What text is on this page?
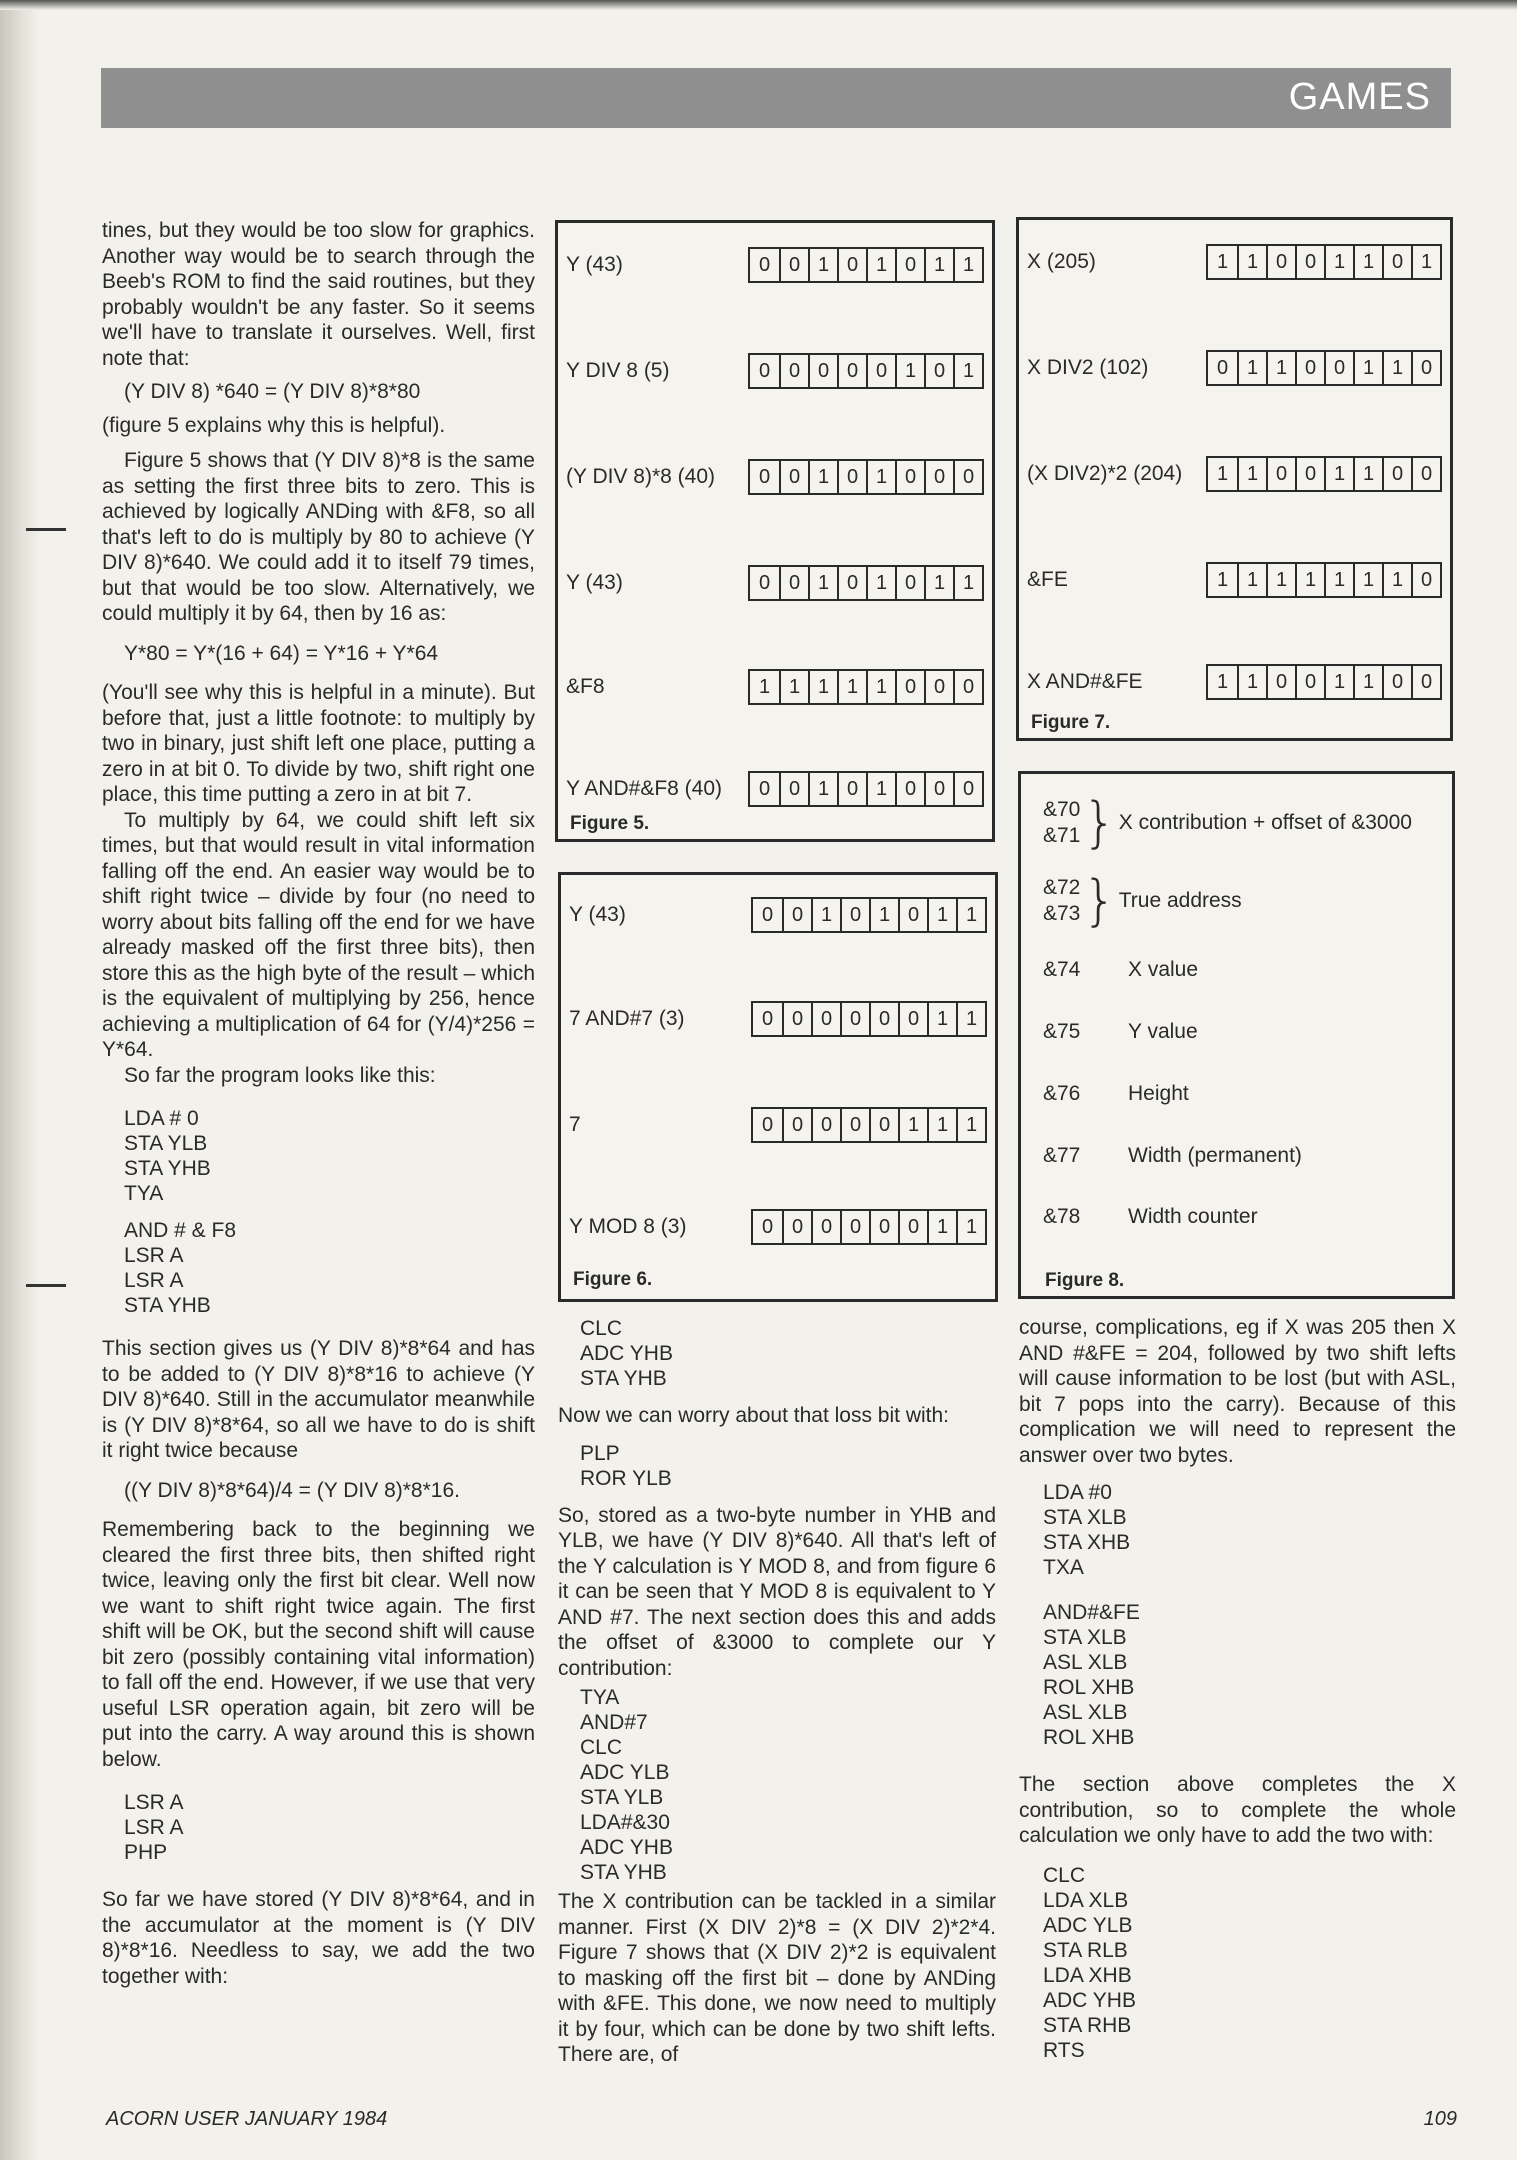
GAMES

tines, but they would be too slow for graphics. Another way would be to search through the Beeb's ROM to find the said routines, but they probably wouldn't be any faster. So it seems we'll have to translate it ourselves. Well, first note that:

(Y DIV 8) *640 = (Y DIV 8)*8*80

(figure 5 explains why this is helpful).

Figure 5 shows that (Y DIV 8)*8 is the same as setting the first three bits to zero. This is achieved by logically ANDing with &F8, so all that's left to do is multiply by 80 to achieve (Y DIV 8)*640. We could add it to itself 79 times, but that would be too slow. Alternatively, we could multiply it by 64, then by 16 as:

Y*80 = Y*(16 + 64) = Y*16 + Y*64

(You'll see why this is helpful in a minute). But before that, just a little footnote: to multiply by two in binary, just shift left one place, putting a zero in at bit 0. To divide by two, shift right one place, this time putting a zero in at bit 7.

To multiply by 64, we could shift left six times, but that would result in vital information falling off the end. An easier way would be to shift right twice – divide by four (no need to worry about bits falling off the end for we have already masked off the first three bits), then store this as the high byte of the result – which is the equivalent of multiplying by 256, hence achieving a multiplication of 64 for (Y/4)*256 = Y*64.

So far the program looks like this:

LDA # 0
STA YLB
STA YHB
TYA
AND # & F8
LSR A
LSR A
STA YHB

This section gives us (Y DIV 8)*8*64 and has to be added to (Y DIV 8)*8*16 to achieve (Y DIV 8)*640. Still in the accumulator meanwhile is (Y DIV 8)*8*64, so all we have to do is shift it right twice because

((Y DIV 8)*8*64)/4 = (Y DIV 8)*8*16.

Remembering back to the beginning we cleared the first three bits, then shifted right twice, leaving only the first bit clear. Well now we want to shift right twice again. The first shift will be OK, but the second shift will cause bit zero (possibly containing vital information) to fall off the end. However, if we use that very useful LSR operation again, bit zero will be put into the carry. A way around this is shown below.

LSR A
LSR A
PHP

So far we have stored (Y DIV 8)*8*64, and in the accumulator at the moment is (Y DIV 8)*8*16. Needless to say, we add the two together with:

Y (43)	0 0 1 0 1 0 1 1
Y DIV 8 (5)	0 0 0 0 0 1 0 1
(Y DIV 8)*8 (40)	0 0 1 0 1 0 0 0
Y (43)	0 0 1 0 1 0 1 1
&F8	1 1 1 1 1 0 0 0
Y AND#&F8 (40)	0 0 1 0 1 0 0 0
Figure 5.
Y (43)	0 0 1 0 1 0 1 1
7 AND#7 (3)	0 0 0 0 0 0 1 1
7	0 0 0 0 0 1 1 1
Y MOD 8 (3)	0 0 0 0 0 0 1 1
Figure 6.
CLC
ADC YHB
STA YHB

Now we can worry about that loss bit with:

PLP
ROR YLB

So, stored as a two-byte number in YHB and YLB, we have (Y DIV 8)*640. All that's left of the Y calculation is Y MOD 8, and from figure 6 it can be seen that Y MOD 8 is equivalent to Y AND #7. The next section does this and adds the offset of &3000 to complete our Y contribution:

TYA
AND#7
CLC
ADC YLB
STA YLB
LDA#&30
ADC YHB
STA YHB

The X contribution can be tackled in a similar manner. First (X DIV 2)*8 = (X DIV 2)*2*4. Figure 7 shows that (X DIV 2)*2 is equivalent to masking off the first bit – done by ANDing with &FE. This done, we now need to multiply it by four, which can be done by two shift lefts. There are, of

X (205)	1 1 0 0 1 1 0 1
X DIV2 (102)	0 1 1 0 0 1 1 0
(X DIV2)*2 (204)	1 1 0 0 1 1 0 0
&FE	1 1 1 1 1 1 1 0
X AND#&FE	1 1 0 0 1 1 0 0
Figure 7.
&70
&71 } X contribution + offset of &3000
&72
&73 } True address
&74	X value
&75	Y value
&76	Height
&77	Width (permanent)
&78	Width counter
Figure 8.

course, complications, eg if X was 205 then X AND #&FE = 204, followed by two shift lefts will cause information to be lost (but with ASL, bit 7 pops into the carry). Because of this complication we will need to represent the answer over two bytes.

LDA #0
STA XLB
STA XHB
TXA
AND#&FE
STA XLB
ASL XLB
ROL XHB
ASL XLB
ROL XHB

The section above completes the X contribution, so to complete the whole calculation we only have to add the two with:

CLC
LDA XLB
ADC YLB
STA RLB
LDA XHB
ADC YHB
STA RHB
RTS
ACORN USER JANUARY 1984	109
